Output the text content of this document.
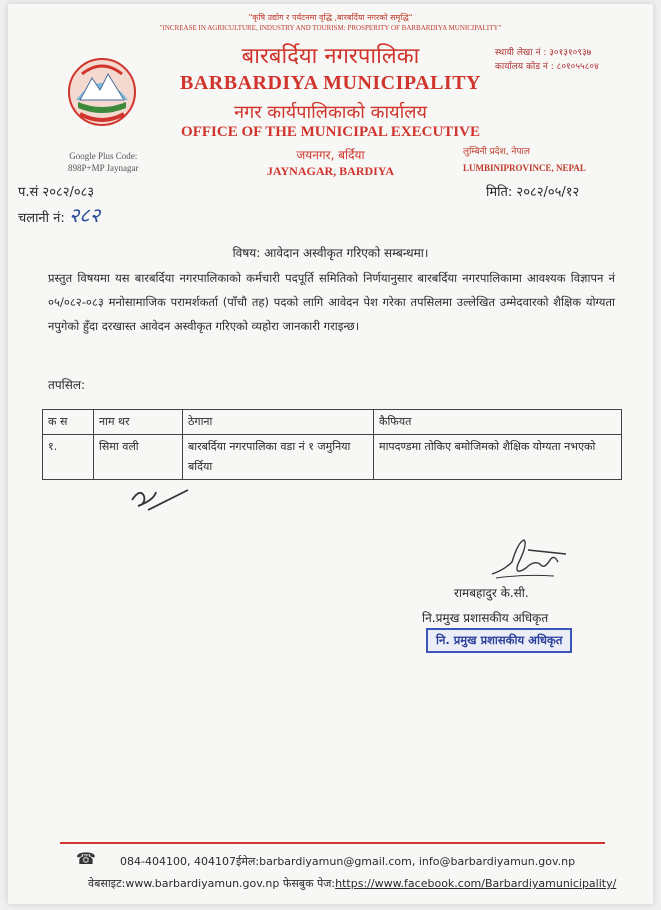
"कृषि उद्योग र पर्यटनमा वृद्धि ,बारबर्दिया नगरको समृद्धि"
"INCREASE IN AGRICULTURE, INDUSTRY AND TOURISM: PROSPERITY OF BARBARDIYA MUNICIPALITY"
बारबर्दिया नगरपालिका
BARBARDIYA MUNICIPALITY
नगर कार्यपालिकाको कार्यालय
OFFICE OF THE MUNICIPAL EXECUTIVE
जयनगर, बर्दिया
JAYNAGAR, BARDIYA
स्थायी लेखा नं : ३०१३१०९३७
कार्यालय कोड नं : ८०१०५५८०४
Google Plus Code:
898P+MP Jaynagar
लुम्बिनी प्रदेश, नेपाल
LUMBINIPROVINCE, NEPAL
प.सं २०८२/०८३
चलानी नं: २८२
मिति: २०८२/०५/१२
विषय: आवेदान अस्वीकृत गरिएको सम्बन्धमा।
प्रस्तुत विषयमा यस बारबर्दिया नगरपालिकाको कर्मचारी पदपूर्ति समितिको निर्णयानुसार बारबर्दिया नगरपालिकामा आवश्यक विज्ञापन नं ०५/०८२-०८३ मनोसामाजिक परामर्शकर्ता (पाँचौ तह) पदको लागि आवेदन पेश गरेका तपसिलमा उल्लेखित उम्मेदवारको शैक्षिक योग्यता नपुगेको हुँदा दरखास्त आवेदन अस्वीकृत गरिएको व्यहोरा जानकारी गराइन्छ।
तपसिल:
क स	नाम थर	ठेगाना	कैफियत
१.	सिमा वली	बारबर्दिया नगरपालिका वडा नं १ जमुनिया बर्दिया	मापदण्डमा तोकिए बमोजिमको शैक्षिक योग्यता नभएको
रामबहादुर के.सी.
नि.प्रमुख प्रशासकीय अधिकृत
नि. प्रमुख प्रशासकीय अधिकृत
☎ 084-404100, 404107ईमेल:barbardiyamun@gmail.com, info@barbardiyamun.gov.np
वेबसाइट:www.barbardiyamun.gov.np फेसबुक पेज:https://www.facebook.com/Barbardiyamunicipality/
